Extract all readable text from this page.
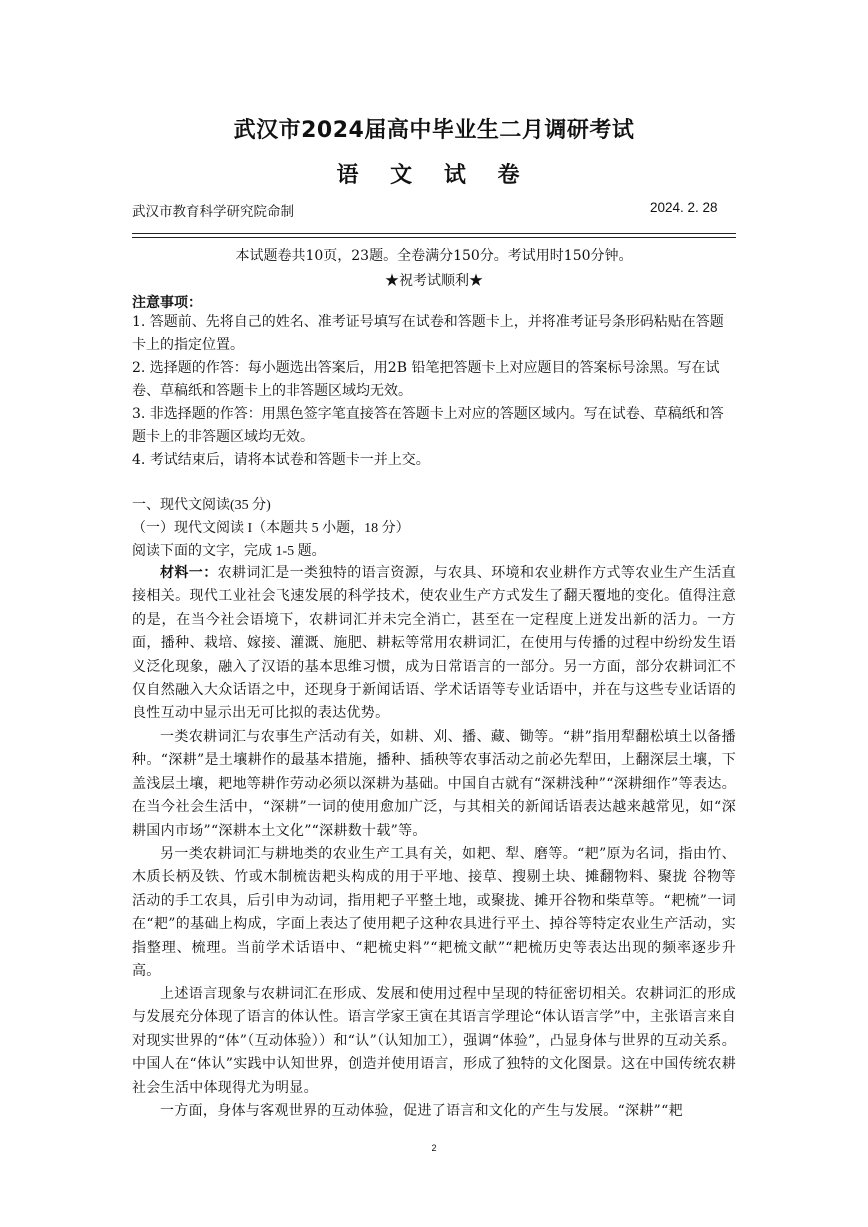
武汉市2024届高中毕业生二月调研考试
语 文 试 卷
武汉市教育科学研究院命制	2024. 2. 28
本试题卷共10页，23题。全卷满分150分。考试用时150分钟。
★祝考试顺利★
注意事项：
1. 答题前、先将自己的姓名、准考证号填写在试卷和答题卡上，并将准考证号条形码粘贴在答题卡上的指定位置。
2. 选择题的作答：每小题选出答案后，用2B 铅笔把答题卡上对应题目的答案标号涂黑。写在试卷、草稿纸和答题卡上的非答题区域均无效。
3. 非选择题的作答：用黑色签字笔直接答在答题卡上对应的答题区域内。写在试卷、草稿纸和答题卡上的非答题区域均无效。
4. 考试结束后，请将本试卷和答题卡一并上交。
一、现代文阅读(35 分)
（一）现代文阅读 I（本题共 5 小题，18 分）
阅读下面的文字，完成 1-5 题。
材料一：农耕词汇是一类独特的语言资源，与农具、环境和农业耕作方式等农业生产生活直接相关。现代工业社会飞速发展的科学技术，使农业生产方式发生了翻天覆地的变化。值得注意的是，在当今社会语境下，农耕词汇并未完全消亡，甚至在一定程度上迸发出新的活力。一方面，播种、栽培、嫁接、灌溉、施肥、耕耘等常用农耕词汇，在使用与传播的过程中纷纷发生语义泛化现象，融入了汉语的基本思维习惯，成为日常语言的一部分。另一方面，部分农耕词汇不仅自然融入大众话语之中，还现身于新闻话语、学术话语等专业话语中，并在与这些专业话语的良性互动中显示出无可比拟的表达优势。
一类农耕词汇与农事生产活动有关，如耕、刈、播、藏、锄等。“耕”指用犁翻松填土以备播种。“深耕”是土壤耕作的最基本措施，播种、插秧等农事活动之前必先犁田，上翻深层土壤，下盖浅层土壤，耙地等耕作劳动必须以深耕为基础。中国自古就有“深耕浅种”“深耕细作”等表达。在当今社会生活中，“深耕”一词的使用愈加广泛，与其相关的新闻话语表达越来越常见，如“深耕国内市场”“深耕本土文化”“深耕数十载”等。
另一类农耕词汇与耕地类的农业生产工具有关，如耙、犁、磨等。“耙”原为名词，指由竹、木质长柄及铁、竹或木制梳齿耙头构成的用于平地、接草、搜剔土块、摊翻物料、聚拢 谷物等活动的手工农具，后引申为动词，指用耙子平整土地，或聚拢、摊开谷物和柴草等。“耙梳”一词在“耙”的基础上构成，字面上表达了使用耙子这种农具进行平土、掉谷等特定农业生产活动，实指整理、梳理。当前学术话语中、“耙梳史料”“耙梳文献”“耙梳历史等表达出现的频率逐步升高。
上述语言现象与农耕词汇在形成、发展和使用过程中呈现的特征密切相关。农耕词汇的形成与发展充分体现了语言的体认性。语言学家王寅在其语言学理论“体认语言学”中，主张语言来自对现实世界的“体”（互动体验））和“认”（认知加工），强调“体验”，凸显身体与世界的互动关系。中国人在“体认”实践中认知世界，创造并使用语言，形成了独特的文化图景。这在中国传统农耕社会生活中体现得尤为明显。
一方面，身体与客观世界的互动体验，促进了语言和文化的产生与发展。“深耕”“耙
2
